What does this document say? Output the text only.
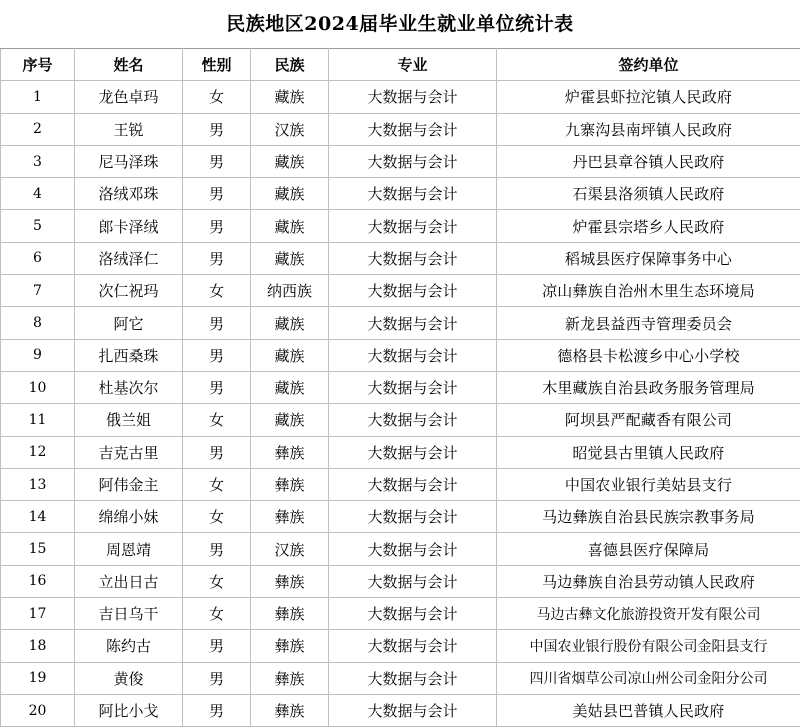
民族地区2024届毕业生就业单位统计表
序号	姓名	性别	民族	专业	签约单位
1	龙色卓玛	女	藏族	大数据与会计	炉霍县虾拉沱镇人民政府
2	王锐	男	汉族	大数据与会计	九寨沟县南坪镇人民政府
3	尼马泽珠	男	藏族	大数据与会计	丹巴县章谷镇人民政府
4	洛绒邓珠	男	藏族	大数据与会计	石渠县洛须镇人民政府
5	郎卡泽绒	男	藏族	大数据与会计	炉霍县宗塔乡人民政府
6	洛绒泽仁	男	藏族	大数据与会计	稻城县医疗保障事务中心
7	次仁祝玛	女	纳西族	大数据与会计	凉山彝族自治州木里生态环境局
8	阿它	男	藏族	大数据与会计	新龙县益西寺管理委员会
9	扎西桑珠	男	藏族	大数据与会计	德格县卡松渡乡中心小学校
10	杜基次尔	男	藏族	大数据与会计	木里藏族自治县政务服务管理局
11	俄兰姐	女	藏族	大数据与会计	阿坝县严配藏香有限公司
12	吉克古里	男	彝族	大数据与会计	昭觉县古里镇人民政府
13	阿伟金主	女	彝族	大数据与会计	中国农业银行美姑县支行
14	绵绵小妹	女	彝族	大数据与会计	马边彝族自治县民族宗教事务局
15	周恩靖	男	汉族	大数据与会计	喜德县医疗保障局
16	立出日古	女	彝族	大数据与会计	马边彝族自治县劳动镇人民政府
17	吉日乌干	女	彝族	大数据与会计	马边古彝文化旅游投资开发有限公司
18	陈约古	男	彝族	大数据与会计	中国农业银行股份有限公司金阳县支行
19	黄俊	男	彝族	大数据与会计	四川省烟草公司凉山州公司金阳分公司
20	阿比小戈	男	彝族	大数据与会计	美姑县巴普镇人民政府
